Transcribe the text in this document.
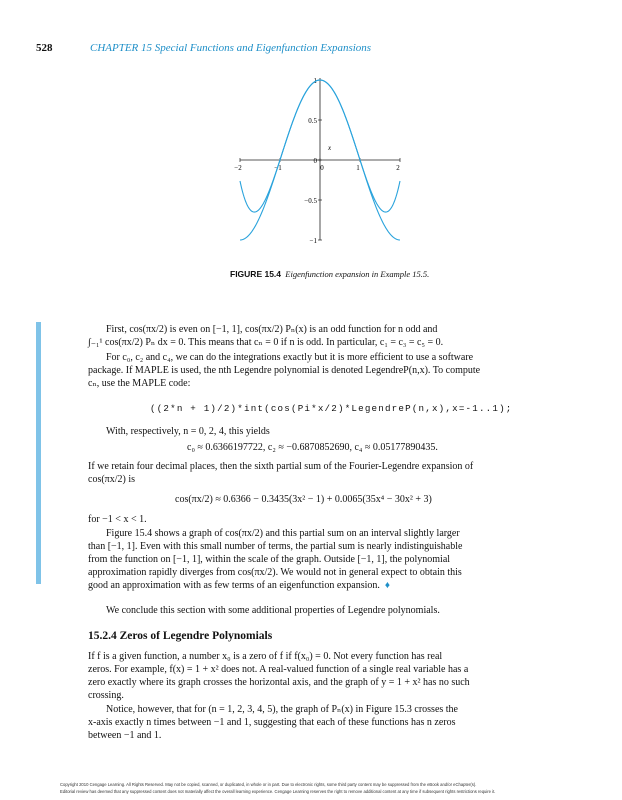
528	CHAPTER 15 Special Functions and Eigenfunction Expansions
−2	−1	0	1	2
1
0.5
0
−0.5
−1
x
FIGURE 15.4 Eigenfunction expansion in Example 15.5.
First, cos(πx/2) is even on [−1, 1], cos(πx/2) Pₙ(x) is an odd function for n odd and
∫₋₁¹ cos(πx/2) Pₙ dx = 0. This means that cₙ = 0 if n is odd. In particular, c₁ = c₃ = c₅ = 0.
For c₀, c₂ and c₄, we can do the integrations exactly but it is more efficient to use a software
package. If MAPLE is used, the nth Legendre polynomial is denoted LegendreP(n,x). To compute
cₙ, use the MAPLE code:
((2*n + 1)/2)*int(cos(Pi*x/2)*LegendreP(n,x),x=-1..1);
With, respectively, n = 0, 2, 4, this yields
c₀ ≈ 0.6366197722, c₂ ≈ −0.6870852690, c₄ ≈ 0.05177890435.
If we retain four decimal places, then the sixth partial sum of the Fourier-Legendre expansion of
cos(πx/2) is
cos(πx/2) ≈ 0.6366 − 0.3435(3x² − 1) + 0.0065(35x⁴ − 30x² + 3)
for −1 < x < 1.
Figure 15.4 shows a graph of cos(πx/2) and this partial sum on an interval slightly larger
than [−1, 1]. Even with this small number of terms, the partial sum is nearly indistinguishable
from the function on [−1, 1], within the scale of the graph. Outside [−1, 1], the polynomial
approximation rapidly diverges from cos(πx/2). We would not in general expect to obtain this
good an approximation with as few terms of an eigenfunction expansion. ♦
We conclude this section with some additional properties of Legendre polynomials.
15.2.4 Zeros of Legendre Polynomials
If f is a given function, a number x₀ is a zero of f if f(x₀) = 0. Not every function has real
zeros. For example, f(x) = 1 + x² does not. A real-valued function of a single real variable has a
zero exactly where its graph crosses the horizontal axis, and the graph of y = 1 + x² has no such
crossing.
Notice, however, that for (n = 1, 2, 3, 4, 5), the graph of Pₙ(x) in Figure 15.3 crosses the
x-axis exactly n times between −1 and 1, suggesting that each of these functions has n zeros
between −1 and 1.
Copyright 2010 Cengage Learning. All Rights Reserved. May not be copied, scanned, or duplicated, in whole or in part. Due to electronic rights, some third party content may be suppressed from the eBook and/or eChapter(s).
Editorial review has deemed that any suppressed content does not materially affect the overall learning experience. Cengage Learning reserves the right to remove additional content at any time if subsequent rights restrictions require it.
